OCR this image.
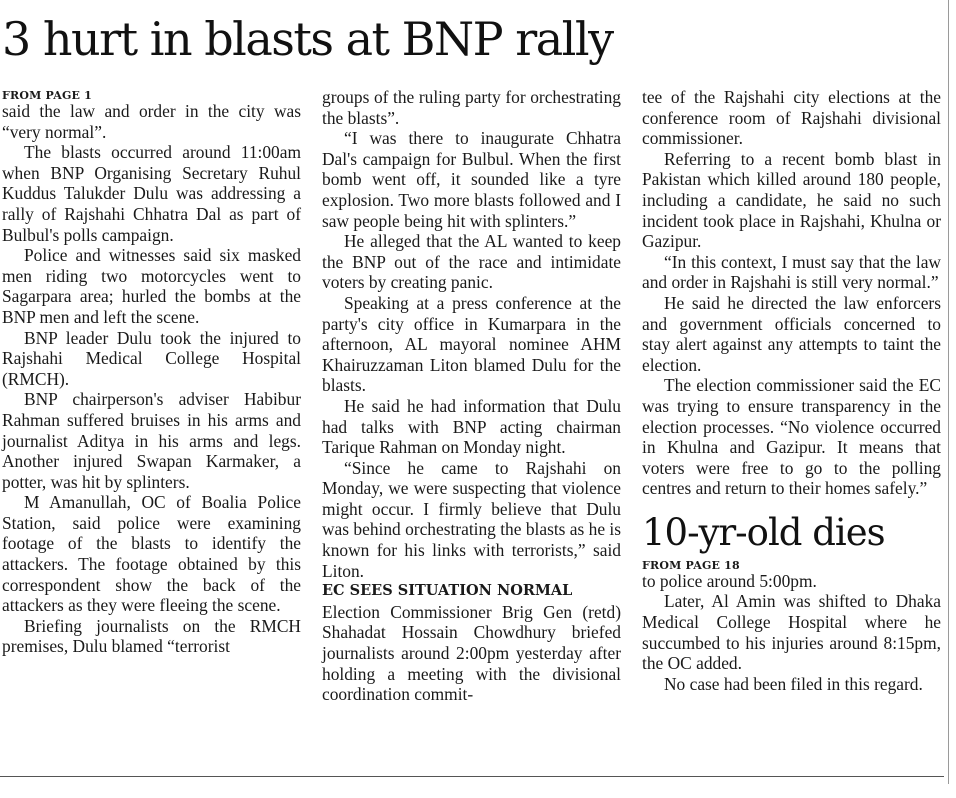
3 hurt in blasts at BNP rally
FROM PAGE 1

said the law and order in the city was “very normal”.

The blasts occurred around 11:00am when BNP Organising Secretary Ruhul Kuddus Talukder Dulu was addressing a rally of Rajshahi Chhatra Dal as part of Bulbul's polls campaign.

Police and witnesses said six masked men riding two motorcycles went to Sagarpara area; hurled the bombs at the BNP men and left the scene.

BNP leader Dulu took the injured to Rajshahi Medical College Hospital (RMCH).

BNP chairperson's adviser Habibur Rahman suffered bruises in his arms and journalist Aditya in his arms and legs. Another injured Swapan Karmaker, a potter, was hit by splinters.

M Amanullah, OC of Boalia Police Station, said police were examining footage of the blasts to identify the attackers. The footage obtained by this correspondent show the back of the attackers as they were fleeing the scene.

Briefing journalists on the RMCH premises, Dulu blamed “terrorist

groups of the ruling party for orchestrating the blasts”.

“I was there to inaugurate Chhatra Dal's campaign for Bulbul. When the first bomb went off, it sounded like a tyre explosion. Two more blasts followed and I saw people being hit with splinters.”

He alleged that the AL wanted to keep the BNP out of the race and intimidate voters by creating panic.

Speaking at a press conference at the party's city office in Kumarpara in the afternoon, AL mayoral nominee AHM Khairuzzaman Liton blamed Dulu for the blasts.

He said he had information that Dulu had talks with BNP acting chairman Tarique Rahman on Monday night.

“Since he came to Rajshahi on Monday, we were suspecting that violence might occur. I firmly believe that Dulu was behind orchestrating the blasts as he is known for his links with terrorists,” said Liton.

EC SEES SITUATION NORMAL

Election Commissioner Brig Gen (retd) Shahadat Hossain Chowdhury briefed journalists around 2:00pm yesterday after holding a meeting with the divisional coordination commit-

tee of the Rajshahi city elections at the conference room of Rajshahi divisional commissioner.

Referring to a recent bomb blast in Pakistan which killed around 180 people, including a candidate, he said no such incident took place in Rajshahi, Khulna or Gazipur.

“In this context, I must say that the law and order in Rajshahi is still very normal.”

He said he directed the law enforcers and government officials concerned to stay alert against any attempts to taint the election.

The election commissioner said the EC was trying to ensure transparency in the election processes. “No violence occurred in Khulna and Gazipur. It means that voters were free to go to the polling centres and return to their homes safely.”

10-yr-old dies
FROM PAGE 18

to police around 5:00pm.

Later, Al Amin was shifted to Dhaka Medical College Hospital where he succumbed to his injuries around 8:15pm, the OC added.

No case had been filed in this regard.
